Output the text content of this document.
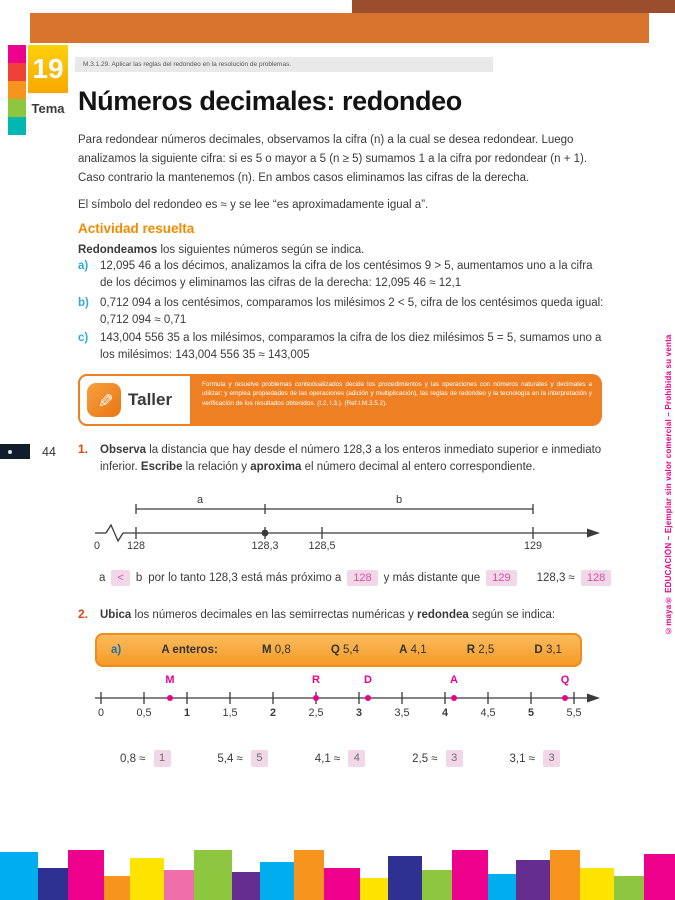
19
Tema
M.3.1.29. Aplicar las reglas del redondeo en la resolución de problemas.
Números decimales: redondeo

Para redondear números decimales, observamos la cifra (n) a la cual se desea redondear. Luego analizamos la siguiente cifra: si es 5 o mayor a 5 (n ≥ 5) sumamos 1 a la cifra por redondear (n + 1). Caso contrario la mantenemos (n). En ambos casos eliminamos las cifras de la derecha.

El símbolo del redondeo es ≈ y se lee “es aproximadamente igual a”.

Actividad resuelta

Redondeamos los siguientes números según se indica.

a) 12,095 46 a los décimos, analizamos la cifra de los centésimos 9 > 5, aumentamos uno a la cifra de los décimos y eliminamos las cifras de la derecha: 12,095 46 ≈ 12,1
b) 0,712 094 a los centésimos, comparamos los milésimos 2 < 5, cifra de los centésimos queda igual: 0,712 094 ≈ 0,71
c) 143,004 556 35 a los milésimos, comparamos la cifra de los diez milésimos 5 = 5, sumamos uno a los milésimos: 143,004 556 35 ≈ 143,005
✎ Taller
Formula y resuelve problemas contextualizados decide los procedimientos y las operaciones con números naturales y decimales a utilizar; y emplea propiedades de las operaciones (adición y multiplicación), las reglas de redondeo y la tecnología en la interpretación y verificación de los resultados obtenidos. (I.2, I.3.). (Ref.I.M.3.5.2).
44 1. Observa la distancia que hay desde el número 128,3 a los enteros inmediato superior e inmediato inferior. Escribe la relación y aproxima el número decimal al entero correspondiente.

a	b
0 128	128,3	128,5	129
a	<	b por lo tanto 128,3 está más próximo a	128	y más distante que	129	128,3 ≈	128
2. Ubica los números decimales en las semirrectas numéricas y redondea según se indica:

a)	A enteros:	M 0,8	Q 5,4	A 4,1	R 2,5	D 3,1
M	R	D	A	Q
0	0,5	1	1,5	2	2,5	3	3,5	4	4,5	5	5,5
0,8 ≈	1	5,4 ≈	5	4,1 ≈	4	2,5 ≈	3	3,1 ≈	3
©maya® EDUCACIÓN – Ejemplar sin valor comercial – Prohibida su venta
